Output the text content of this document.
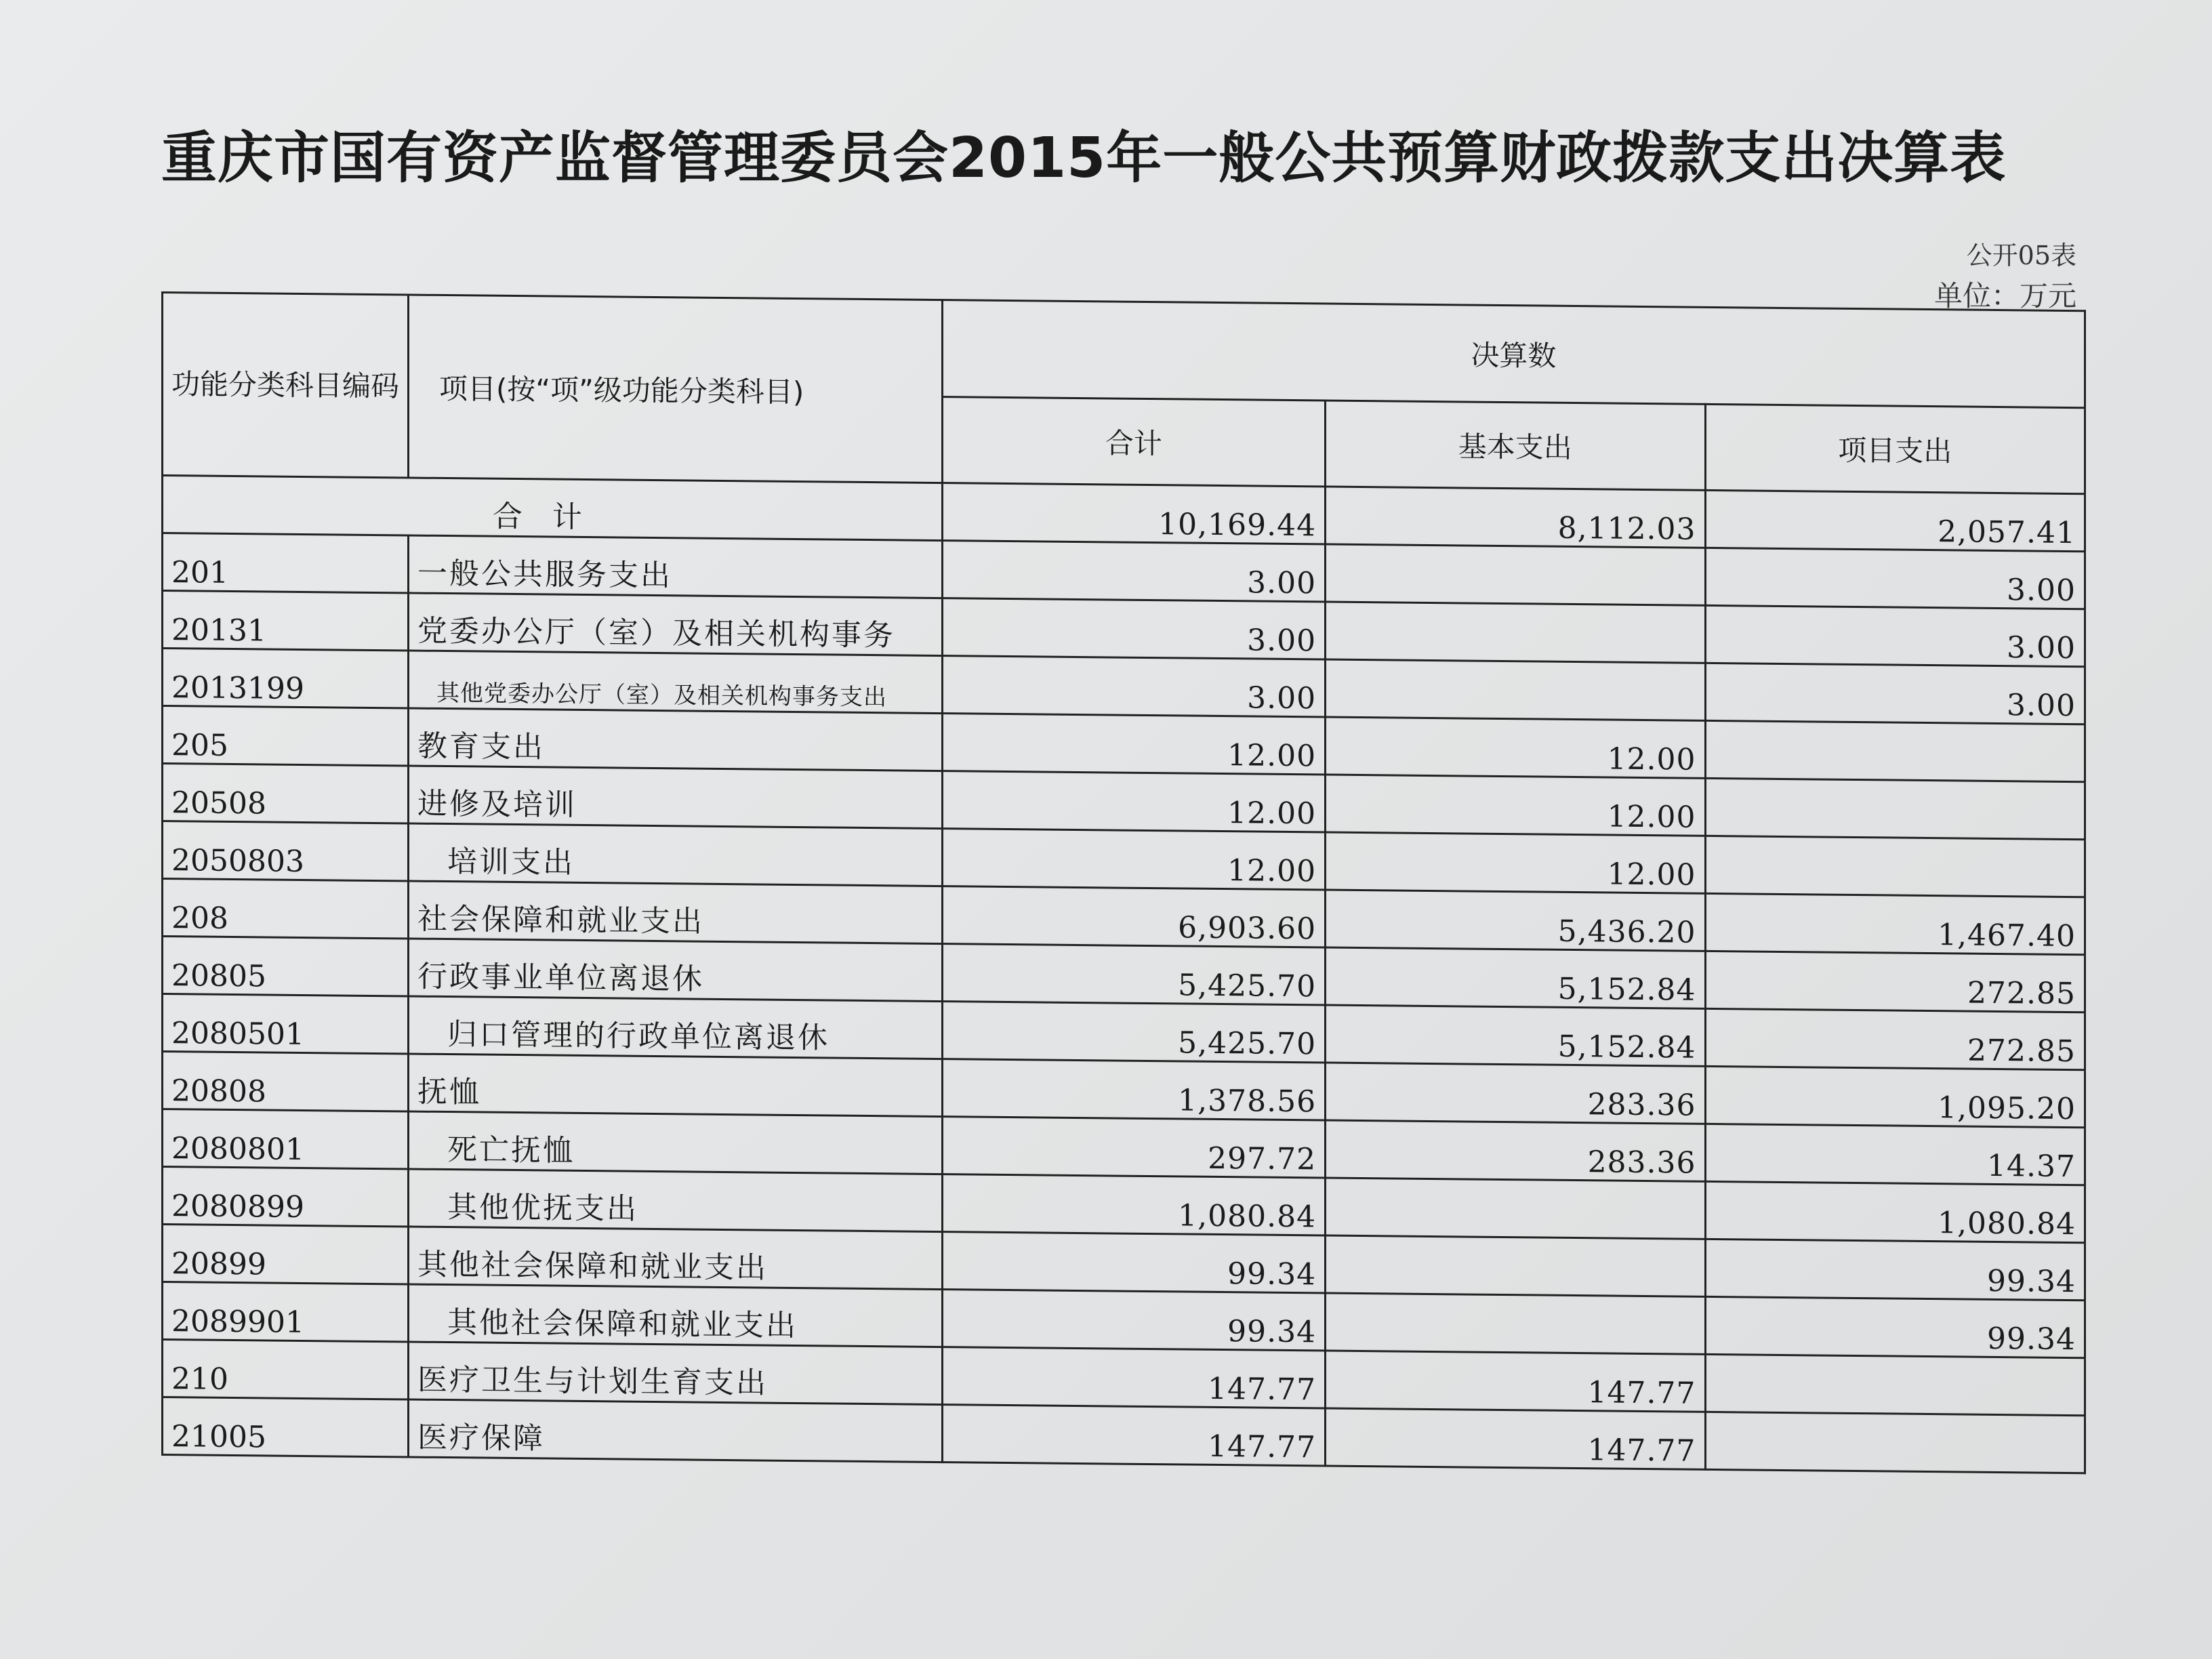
重庆市国有资产监督管理委员会2015年一般公共预算财政拨款支出决算表
公开05表
单位：万元
功能分类科目编码	项目(按“项”级功能分类科目)	决算数		
		合计	基本支出	项目支出
合计		10,169.44	8,112.03	2,057.41
201	一般公共服务支出	3.00		3.00
20131	党委办公厅（室）及相关机构事务	3.00		3.00
2013199	其他党委办公厅（室）及相关机构事务支出	3.00		3.00
205	教育支出	12.00	12.00	
20508	进修及培训	12.00	12.00	
2050803	培训支出	12.00	12.00	
208	社会保障和就业支出	6,903.60	5,436.20	1,467.40
20805	行政事业单位离退休	5,425.70	5,152.84	272.85
2080501	归口管理的行政单位离退休	5,425.70	5,152.84	272.85
20808	抚恤	1,378.56	283.36	1,095.20
2080801	死亡抚恤	297.72	283.36	14.37
2080899	其他优抚支出	1,080.84		1,080.84
20899	其他社会保障和就业支出	99.34		99.34
2089901	其他社会保障和就业支出	99.34		99.34
210	医疗卫生与计划生育支出	147.77	147.77	
21005	医疗保障	147.77	147.77	
